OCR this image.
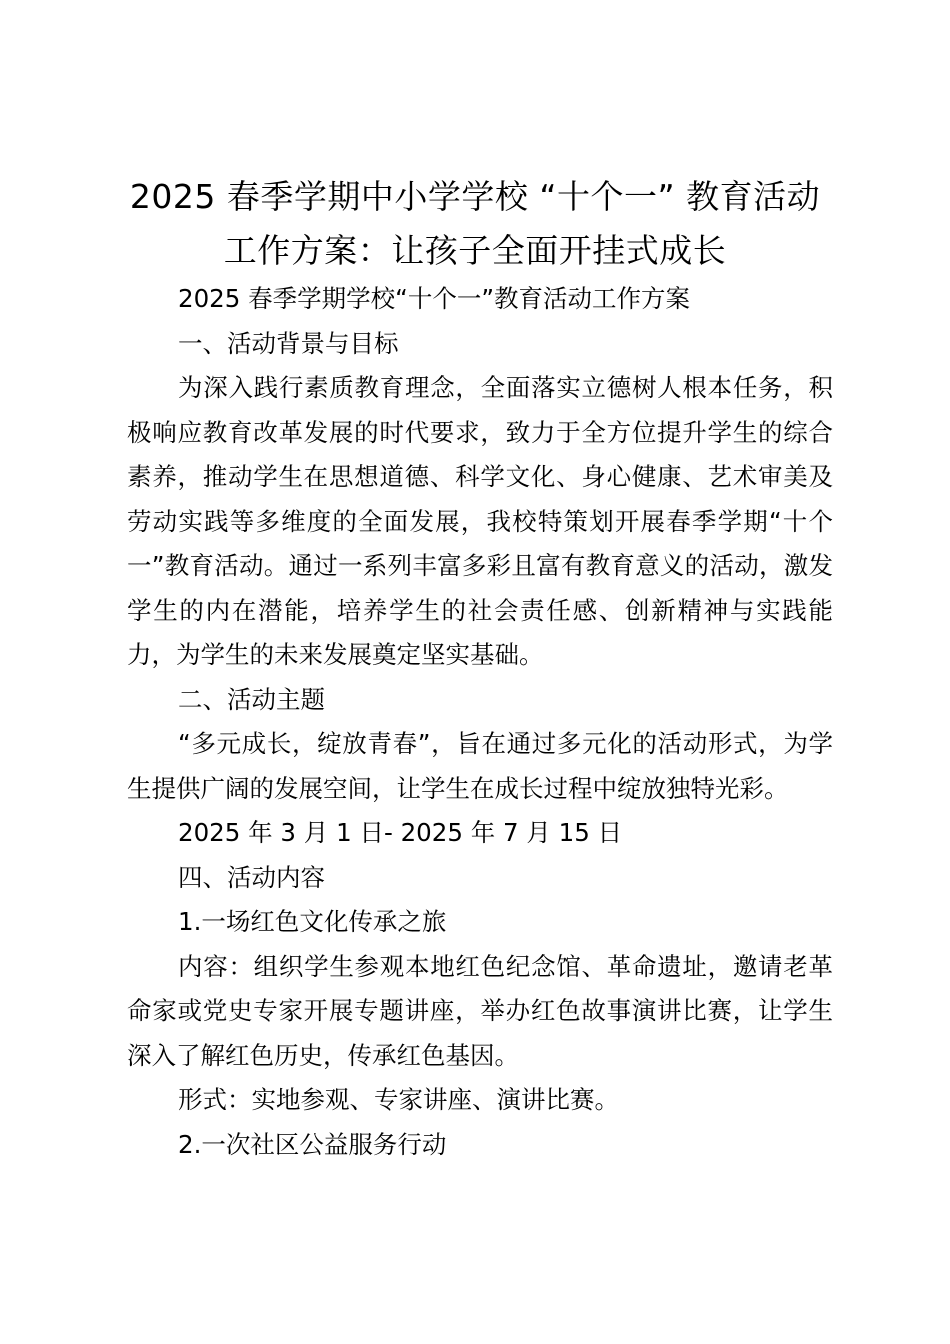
2025 春季学期中小学学校 “十个一” 教育活动工作方案：让孩子全面开挂式成长

2025 春季学期学校“十个一”教育活动工作方案

一、活动背景与目标

为深入践行素质教育理念，全面落实立德树人根本任务，积极响应教育改革发展的时代要求，致力于全方位提升学生的综合素养，推动学生在思想道德、科学文化、身心健康、艺术审美及劳动实践等多维度的全面发展，我校特策划开展春季学期“十个一”教育活动。通过一系列丰富多彩且富有教育意义的活动，激发学生的内在潜能，培养学生的社会责任感、创新精神与实践能力，为学生的未来发展奠定坚实基础。

二、活动主题

“多元成长，绽放青春”，旨在通过多元化的活动形式，为学生提供广阔的发展空间，让学生在成长过程中绽放独特光彩。

2025 年 3 月 1 日- 2025 年 7 月 15 日

四、活动内容

1.一场红色文化传承之旅

内容：组织学生参观本地红色纪念馆、革命遗址，邀请老革命家或党史专家开展专题讲座，举办红色故事演讲比赛，让学生深入了解红色历史，传承红色基因。

形式：实地参观、专家讲座、演讲比赛。

2.一次社区公益服务行动
